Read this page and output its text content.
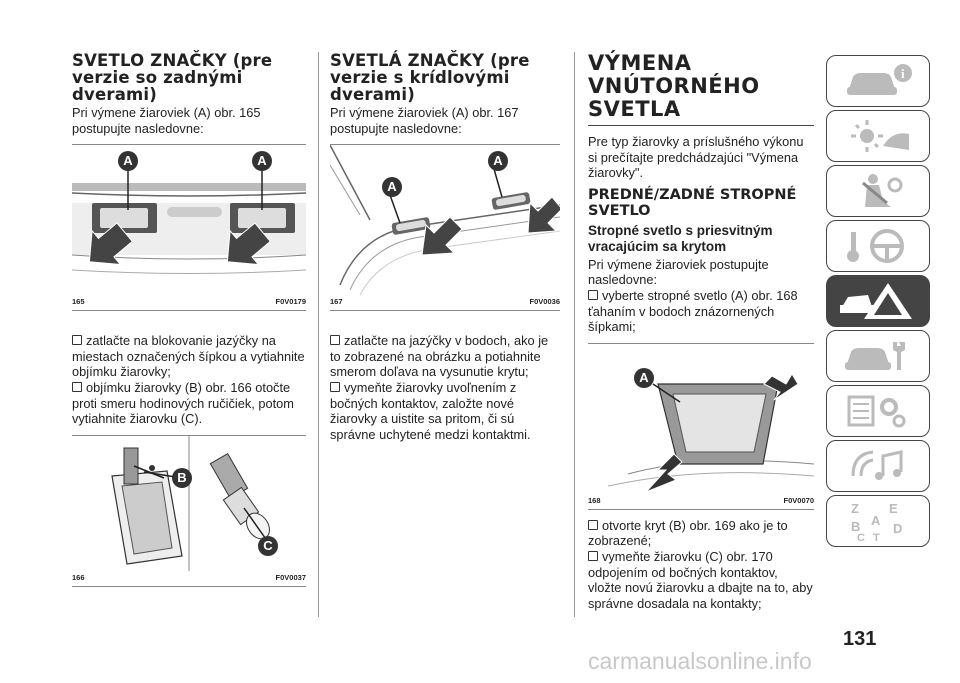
SVETLO ZNAČKY (pre verzie so zadnými dverami)

Pri výmene žiaroviek (A) obr. 165 postupujte nasledovne:

A	A
165	F0V0179
zatlačte na blokovanie jazýčky na miestach označených šípkou a vytiahnite objímku žiarovky;
objímku žiarovky (B) obr. 166 otočte proti smeru hodinových ručičiek, potom vytiahnite žiarovku (C).
B
C
166	F0V0037
SVETLÁ ZNAČKY (pre verzie s krídlovými dverami)

Pri výmene žiaroviek (A) obr. 167 postupujte nasledovne:

A
A
167	F0V0036
zatlačte na jazýčky v bodoch, ako je to zobrazené na obrázku a potiahnite smerom doľava na vysunutie krytu;
vymeňte žiarovky uvoľnením z bočných kontaktov, založte nové žiarovky a uistite sa pritom, či sú správne uchytené medzi kontaktmi.
VÝMENA VNÚTORNÉHO SVETLA

Pre typ žiarovky a príslušného výkonu si prečítajte predchádzajúci "Výmena žiarovky".

PREDNÉ/ZADNÉ STROPNÉ SVETLO
Stropné svetlo s priesvitným vracajúcim sa krytom

Pri výmene žiaroviek postupujte nasledovne:

vyberte stropné svetlo (A) obr. 168 ťahaním v bodoch znázornených šípkami;
A
168	F0V0070
otvorte kryt (B) obr. 169 ako je to zobrazené;
vymeňte žiarovku (C) obr. 170 odpojením od bočných kontaktov, vložte novú žiarovku a dbajte na to, aby správne dosadala na kontakty;
i
Z E
A
B
C T
D
131
carmanualsonline.info
